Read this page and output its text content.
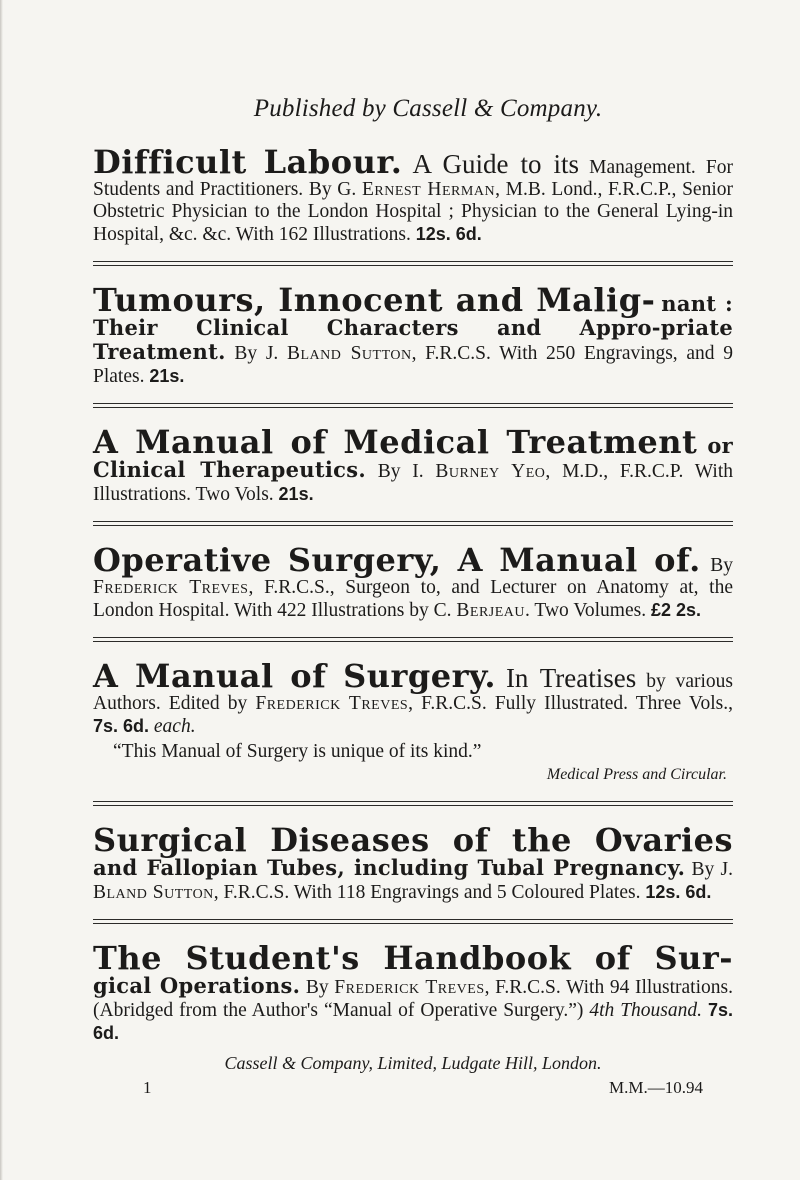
Published by Cassell & Company.
Difficult Labour. A Guide to its Management. For Students and Practitioners. By G. Ernest Herman, M.B. Lond., F.R.C.P., Senior Obstetric Physician to the London Hospital ; Physician to the General Lying-in Hospital, &c. &c. With 162 Illustrations. 12s. 6d.
Tumours, Innocent and Malig- nant : Their Clinical Characters and Appro-priate Treatment. By J. Bland Sutton, F.R.C.S. With 250 Engravings, and 9 Plates. 21s.
A Manual of Medical Treatment or Clinical Therapeutics. By I. Burney Yeo, M.D., F.R.C.P. With Illustrations. Two Vols. 21s.
Operative Surgery, A Manual of. By Frederick Treves, F.R.C.S., Surgeon to, and Lecturer on Anatomy at, the London Hospital. With 422 Illustrations by C. Berjeau. Two Volumes. £2 2s.
A Manual of Surgery. In Treatises by various Authors. Edited by Frederick Treves, F.R.C.S. Fully Illustrated. Three Vols., 7s. 6d. each.
“This Manual of Surgery is unique of its kind.”
Medical Press and Circular.
Surgical Diseases of the Ovaries and Fallopian Tubes, including Tubal Pregnancy. By J. Bland Sutton, F.R.C.S. With 118 Engravings and 5 Coloured Plates. 12s. 6d.
The Student's Handbook of Sur- gical Operations. By Frederick Treves, F.R.C.S. With 94 Illustrations. (Abridged from the Author's “Manual of Operative Surgery.”) 4th Thousand. 7s. 6d.
Cassell & Company, Limited, Ludgate Hill, London.
1	M.M.—10.94
